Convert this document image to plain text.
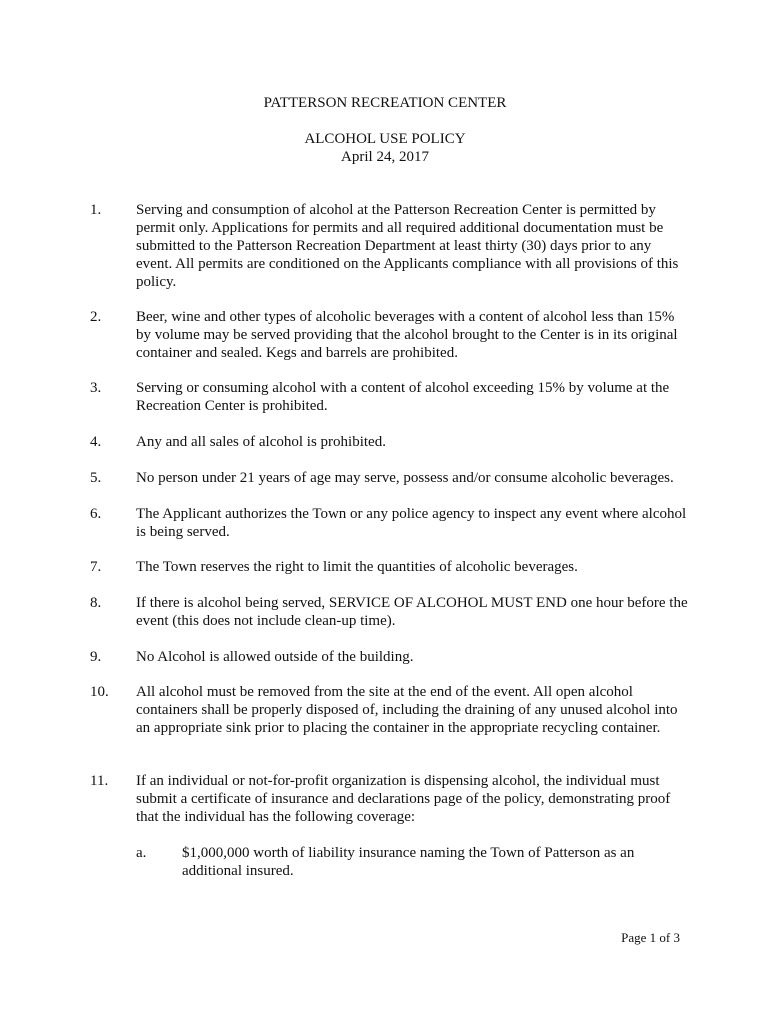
PATTERSON RECREATION CENTER
ALCOHOL USE POLICY
April 24, 2017
1. Serving and consumption of alcohol at the Patterson Recreation Center is permitted by permit only. Applications for permits and all required additional documentation must be submitted to the Patterson Recreation Department at least thirty (30) days prior to any event. All permits are conditioned on the Applicants compliance with all provisions of this policy.
2. Beer, wine and other types of alcoholic beverages with a content of alcohol less than 15% by volume may be served providing that the alcohol brought to the Center is in its original container and sealed. Kegs and barrels are prohibited.
3. Serving or consuming alcohol with a content of alcohol exceeding 15% by volume at the Recreation Center is prohibited.
4. Any and all sales of alcohol is prohibited.
5. No person under 21 years of age may serve, possess and/or consume alcoholic beverages.
6. The Applicant authorizes the Town or any police agency to inspect any event where alcohol is being served.
7. The Town reserves the right to limit the quantities of alcoholic beverages.
8. If there is alcohol being served, SERVICE OF ALCOHOL MUST END one hour before the event (this does not include clean-up time).
9. No Alcohol is allowed outside of the building.
10. All alcohol must be removed from the site at the end of the event. All open alcohol containers shall be properly disposed of, including the draining of any unused alcohol into an appropriate sink prior to placing the container in the appropriate recycling container.
11. If an individual or not-for-profit organization is dispensing alcohol, the individual must submit a certificate of insurance and declarations page of the policy, demonstrating proof that the individual has the following coverage:
a. $1,000,000 worth of liability insurance naming the Town of Patterson as an additional insured.
Page 1 of 3
